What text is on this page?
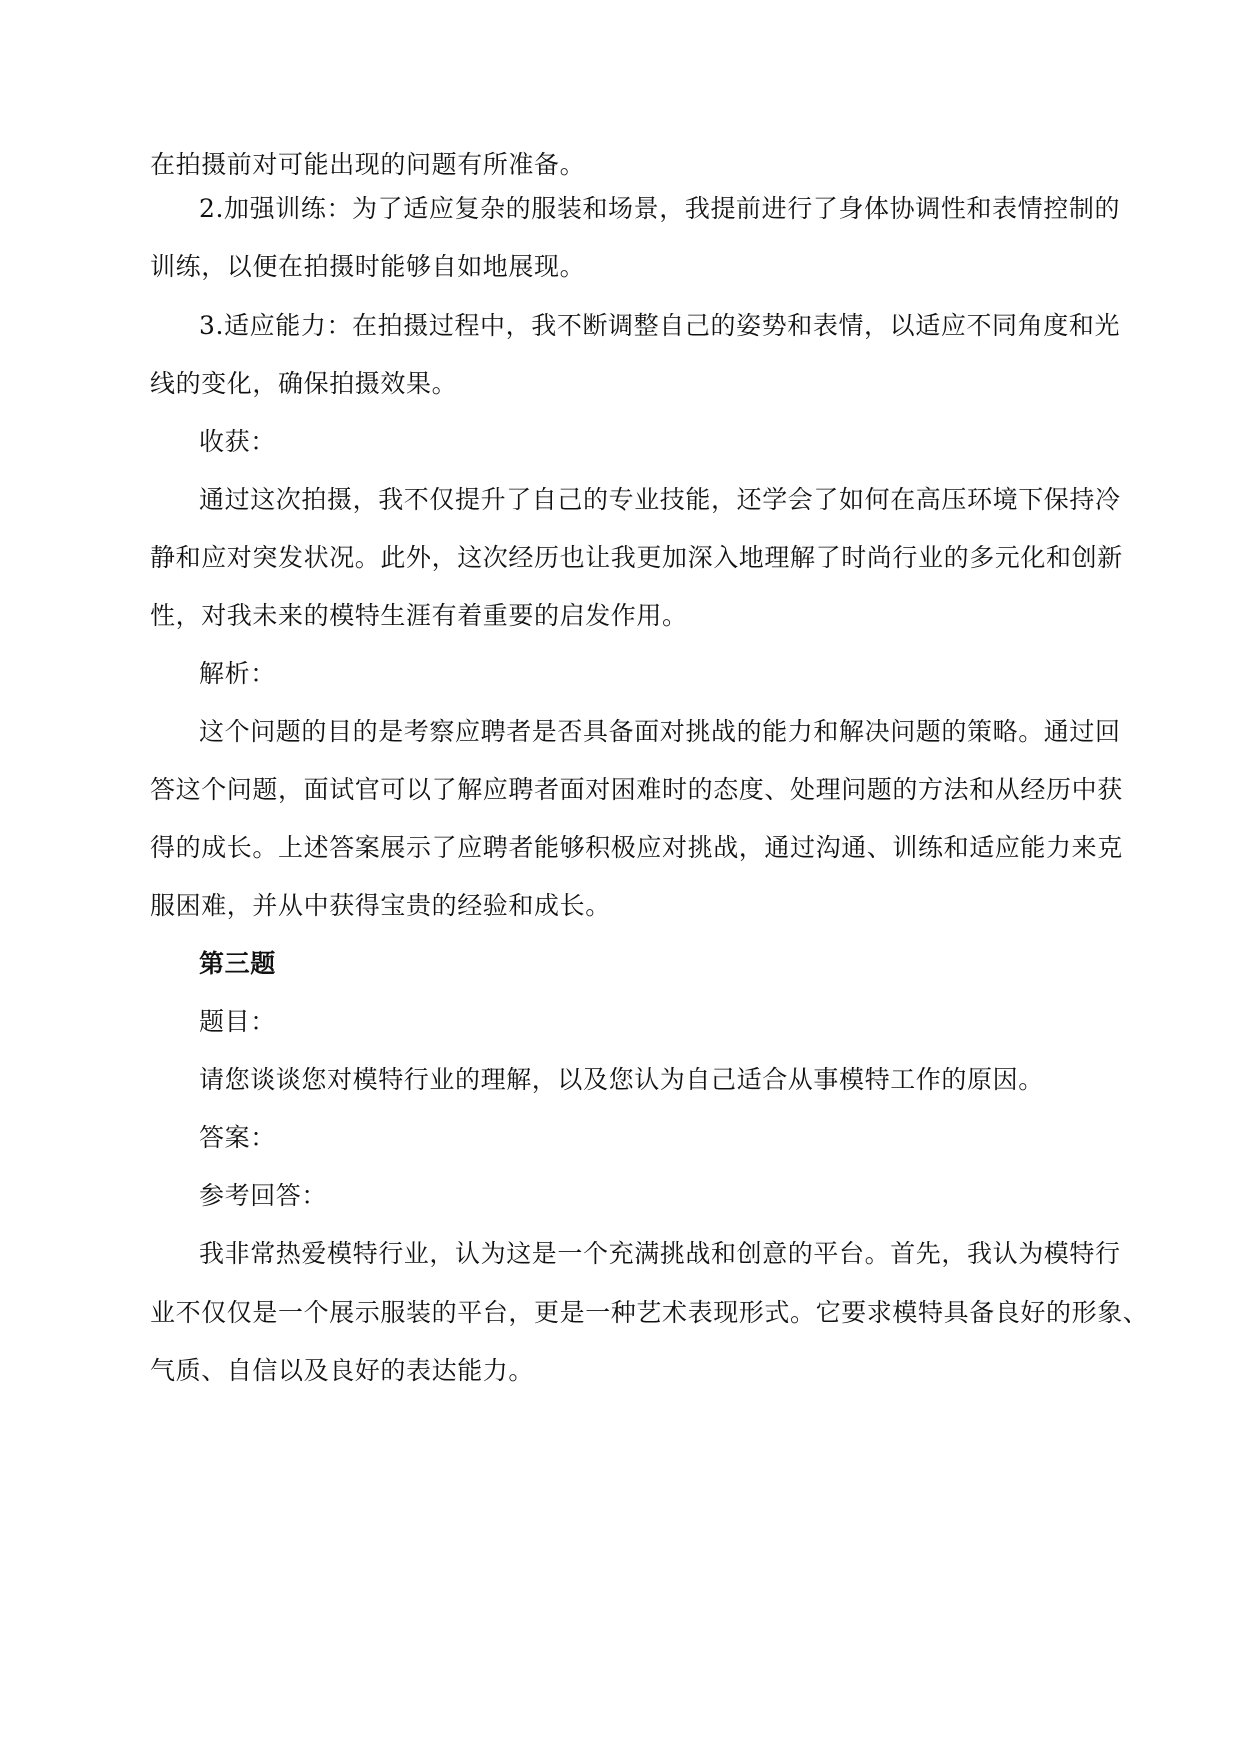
在拍摄前对可能出现的问题有所准备。
2.加强训练：为了适应复杂的服装和场景，我提前进行了身体协调性和表情控制的
训练，以便在拍摄时能够自如地展现。
3.适应能力：在拍摄过程中，我不断调整自己的姿势和表情，以适应不同角度和光
线的变化，确保拍摄效果。
收获：
通过这次拍摄，我不仅提升了自己的专业技能，还学会了如何在高压环境下保持冷
静和应对突发状况。此外，这次经历也让我更加深入地理解了时尚行业的多元化和创新
性，对我未来的模特生涯有着重要的启发作用。
解析：
这个问题的目的是考察应聘者是否具备面对挑战的能力和解决问题的策略。通过回
答这个问题，面试官可以了解应聘者面对困难时的态度、处理问题的方法和从经历中获
得的成长。上述答案展示了应聘者能够积极应对挑战，通过沟通、训练和适应能力来克
服困难，并从中获得宝贵的经验和成长。
第三题
题目：
请您谈谈您对模特行业的理解，以及您认为自己适合从事模特工作的原因。
答案：
参考回答：
我非常热爱模特行业，认为这是一个充满挑战和创意的平台。首先，我认为模特行
业不仅仅是一个展示服装的平台，更是一种艺术表现形式。它要求模特具备良好的形象、
气质、自信以及良好的表达能力。
